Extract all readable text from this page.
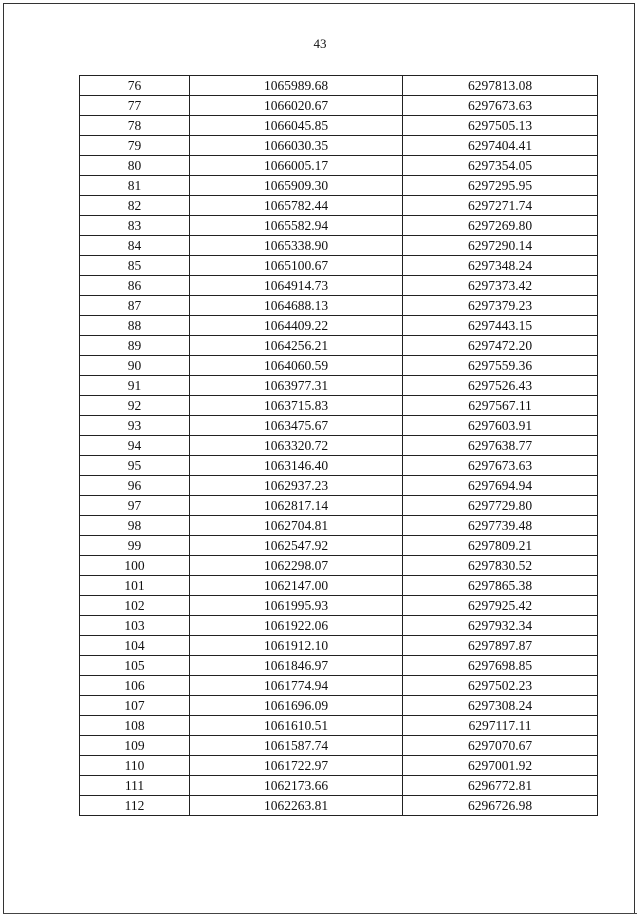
43
76	1065989.68	6297813.08
77	1066020.67	6297673.63
78	1066045.85	6297505.13
79	1066030.35	6297404.41
80	1066005.17	6297354.05
81	1065909.30	6297295.95
82	1065782.44	6297271.74
83	1065582.94	6297269.80
84	1065338.90	6297290.14
85	1065100.67	6297348.24
86	1064914.73	6297373.42
87	1064688.13	6297379.23
88	1064409.22	6297443.15
89	1064256.21	6297472.20
90	1064060.59	6297559.36
91	1063977.31	6297526.43
92	1063715.83	6297567.11
93	1063475.67	6297603.91
94	1063320.72	6297638.77
95	1063146.40	6297673.63
96	1062937.23	6297694.94
97	1062817.14	6297729.80
98	1062704.81	6297739.48
99	1062547.92	6297809.21
100	1062298.07	6297830.52
101	1062147.00	6297865.38
102	1061995.93	6297925.42
103	1061922.06	6297932.34
104	1061912.10	6297897.87
105	1061846.97	6297698.85
106	1061774.94	6297502.23
107	1061696.09	6297308.24
108	1061610.51	6297117.11
109	1061587.74	6297070.67
110	1061722.97	6297001.92
111	1062173.66	6296772.81
112	1062263.81	6296726.98
